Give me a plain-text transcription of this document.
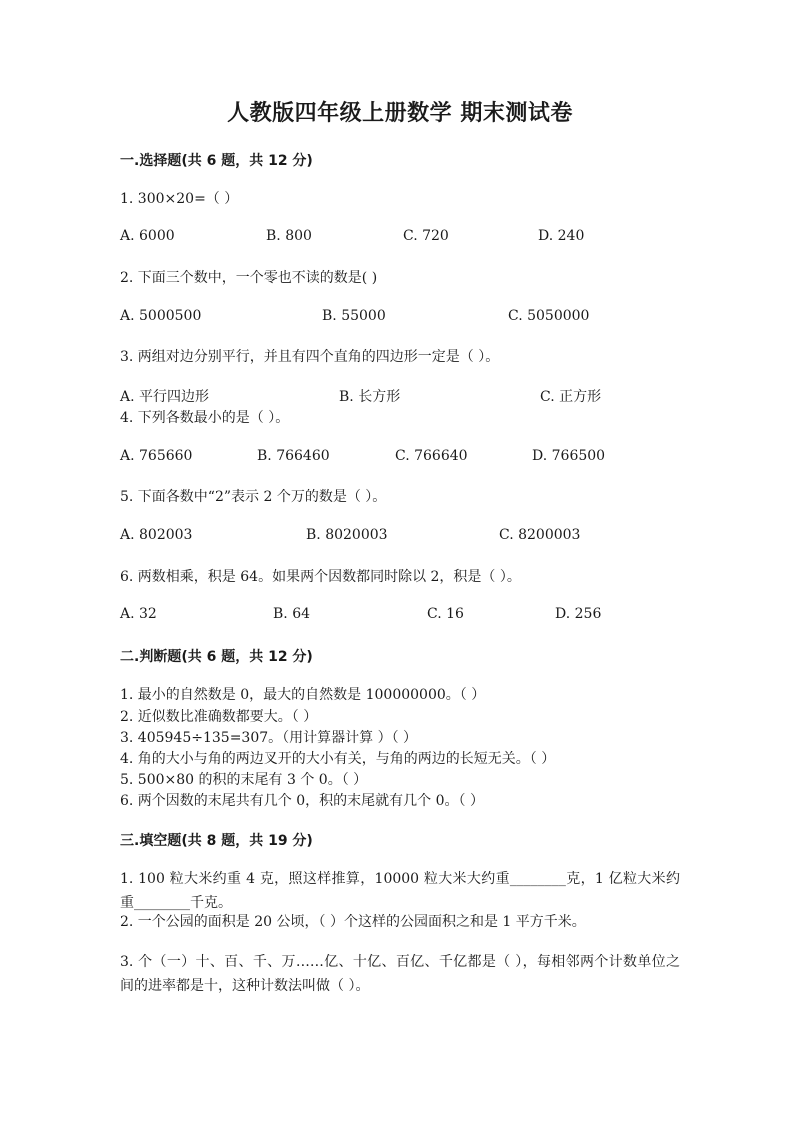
人教版四年级上册数学 期末测试卷
一.选择题(共 6 题，共 12 分)
1. 300×20=（ ）
A. 6000	B. 800	C. 720	D. 240
2. 下面三个数中，一个零也不读的数是( )
A. 5000500	B. 55000	C. 5050000
3. 两组对边分别平行，并且有四个直角的四边形一定是（ ）。
A. 平行四边形	B. 长方形	C. 正方形
4. 下列各数最小的是（ ）。
A. 765660	B. 766460	C. 766640	D. 766500
5. 下面各数中“2”表示 2 个万的数是（ ）。
A. 802003	B. 8020003	C. 8200003
6. 两数相乘，积是 64。如果两个因数都同时除以 2，积是（ ）。
A. 32	B. 64	C. 16	D. 256
二.判断题(共 6 题，共 12 分)
1. 最小的自然数是 0，最大的自然数是 100000000。（ ）
2. 近似数比准确数都要大。（ ）
3. 405945÷135=307。（用计算器计算 ）（ ）
4. 角的大小与角的两边叉开的大小有关，与角的两边的长短无关。（ ）
5. 500×80 的积的末尾有 3 个 0。（ ）
6. 两个因数的末尾共有几个 0，积的末尾就有几个 0。（ ）
三.填空题(共 8 题，共 19 分)
1. 100 粒大米约重 4 克，照这样推算，10000 粒大米大约重________克，1 亿粒大米约重________千克。
2. 一个公园的面积是 20 公顷，（ ）个这样的公园面积之和是 1 平方千米。
3. 个（一）十、百、千、万……亿、十亿、百亿、千亿都是（ ），每相邻两个计数单位之间的进率都是十，这种计数法叫做（ ）。
